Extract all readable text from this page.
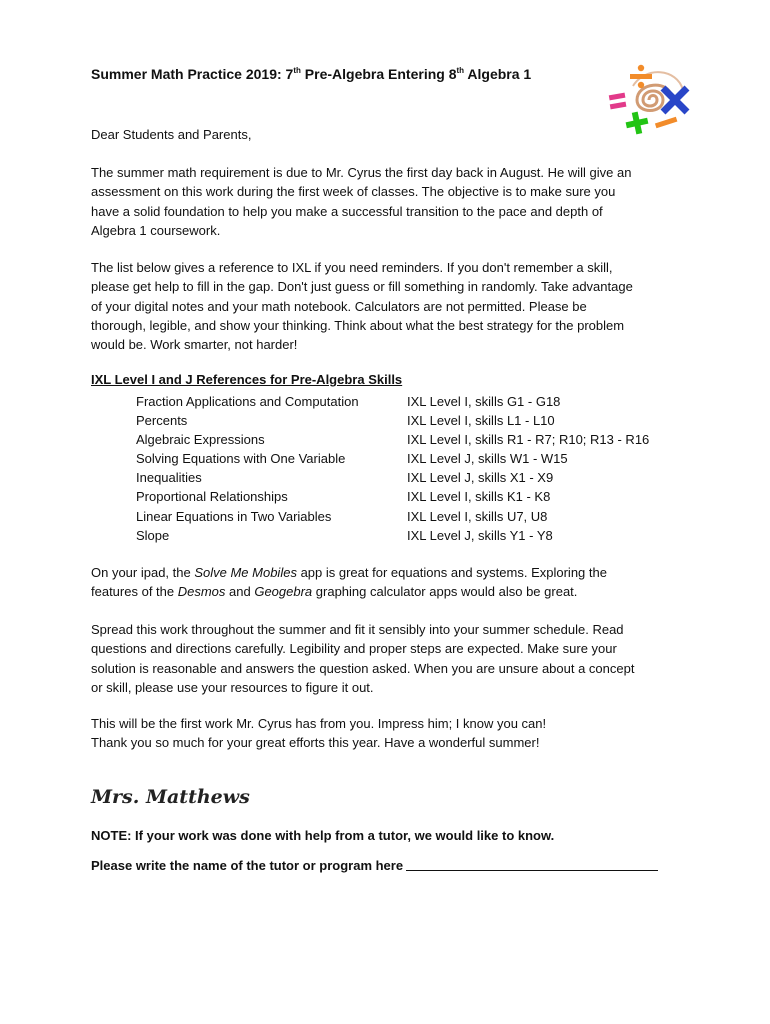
Summer Math Practice 2019: 7th Pre-Algebra Entering 8th Algebra 1
Dear Students and Parents,

The summer math requirement is due to Mr. Cyrus the first day back in August. He will give an

assessment on this work during the first week of classes. The objective is to make sure you

have a solid foundation to help you make a successful transition to the pace and depth of

Algebra 1 coursework.

The list below gives a reference to IXL if you need reminders. If you don't remember a skill,

please get help to fill in the gap. Don't just guess or fill something in randomly. Take advantage

of your digital notes and your math notebook. Calculators are not permitted. Please be

thorough, legible, and show your thinking. Think about what the best strategy for the problem

would be. Work smarter, not harder!

IXL Level I and J References for Pre-Algebra Skills
Fraction Applications and Computation	IXL Level I, skills G1 - G18
Percents	IXL Level I, skills L1 - L10
Algebraic Expressions	IXL Level I, skills R1 - R7; R10; R13 - R16
Solving Equations with One Variable	IXL Level J, skills W1 - W15
Inequalities	IXL Level J, skills X1 - X9
Proportional Relationships	IXL Level I, skills K1 - K8
Linear Equations in Two Variables	IXL Level I, skills U7, U8
Slope	IXL Level J, skills Y1 - Y8

On your ipad, the Solve Me Mobiles app is great for equations and systems. Exploring the

features of the Desmos and Geogebra graphing calculator apps would also be great.

Spread this work throughout the summer and fit it sensibly into your summer schedule. Read

questions and directions carefully. Legibility and proper steps are expected. Make sure your

solution is reasonable and answers the question asked. When you are unsure about a concept

or skill, please use your resources to figure it out.

This will be the first work Mr. Cyrus has from you. Impress him; I know you can!

Thank you so much for your great efforts this year. Have a wonderful summer!

Mrs. Matthews
NOTE: If your work was done with help from a tutor, we would like to know.
Please write the name of the tutor or program here
